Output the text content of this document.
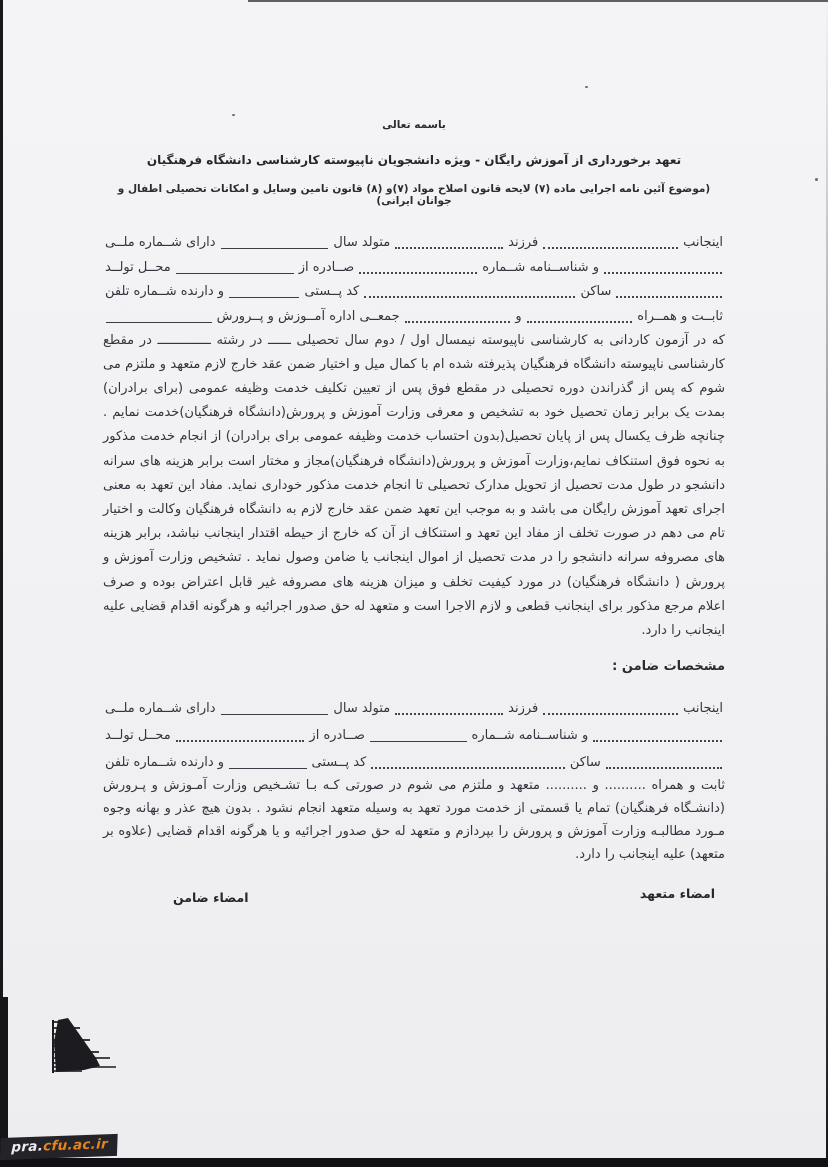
باسمه تعالی
تعهد برخورداری از آموزش رایگان - ویژه دانشجویان ناپیوسته کارشناسی دانشگاه فرهنگیان
(موضوع آئین نامه اجرایی ماده (۷) لایحه قانون اصلاح مواد (۷)و (۸) قانون تامین وسایل و امکانات تحصیلی اطفال و جوانان ایرانی)
اینجانب
فرزند
متولد سال
دارای شــماره ملــی
و شناســنامه شــماره
صــادره از
محــل تولــد
ساکن
کد پــستی
و دارنده شــماره تلفن
ثابــت و همــراه
و
جمعــی اداره آمــوزش و پــرورش

که در آزمون کاردانی به کارشناسی ناپیوسته نیمسال اول / دوم سال تحصیلی ــــــ در رشته ــــــــــــــ در مقطع کارشناسی ناپیوسته دانشگاه فرهنگیان پذیرفته شده ام با کمال میل و اختیار ضمن عقد خارج لازم متعهد و ملتزم می شوم که پس از گذراندن دوره تحصیلی در مقطع فوق پس از تعیین تکلیف خدمت وظیفه عمومی (برای برادران) بمدت یک برابر زمان تحصیل خود به تشخیص و معرفی وزارت آموزش و پرورش(دانشگاه فرهنگیان)خدمت نمایم . چنانچه ظرف یکسال پس از پایان تحصیل(بدون احتساب خدمت وظیفه عمومی برای برادران) از انجام خدمت مذکور به نحوه فوق استنکاف نمایم،وزارت آموزش و پرورش(دانشگاه فرهنگیان)مجاز و مختار است برابر هزینه های سرانه دانشجو در طول مدت تحصیل از تحویل مدارک تحصیلی تا انجام خدمت مذکور خوداری نماید. مفاد این تعهد به معنی اجرای تعهد آموزش رایگان می باشد و به موجب این تعهد ضمن عقد خارج لازم به دانشگاه فرهنگیان وکالت و اختیار تام می دهم در صورت تخلف از مفاد این تعهد و استنکاف از آن که خارج از حیطه اقتدار اینجانب نباشد، برابر هزینه های مصروفه سرانه دانشجو را در مدت تحصیل از اموال اینجانب یا ضامن وصول نماید . تشخیص وزارت آموزش و پرورش ( دانشگاه فرهنگیان) در مورد کیفیت تخلف و میزان هزینه های مصروفه غیر قابل اعتراض بوده و صرف اعلام مرجع مذکور برای اینجانب قطعی و لازم الاجرا است و متعهد له حق صدور اجرائیه و هرگونه اقدام قضایی علیه اینجانب را دارد.

مشخصات ضامن :
اینجانب
فرزند
متولد سال
دارای شــماره ملــی
و شناســنامه شــماره
صــادره از
محــل تولــد
ساکن
کد پــستی
و دارنده شــماره تلفن

ثابت و همراه .......... و .......... متعهد و ملتزم می شوم در صورتی کـه بـا تشـخیص وزارت آمـوزش و پـرورش (دانشـگاه فرهنگیان) تمام یا قسمتی از خدمت مورد تعهد به وسیله متعهد انجام نشود . بدون هیچ عذر و بهانه وجوه مـورد مطالبـه وزارت آموزش و پرورش را بپردازم و متعهد له حق صدور اجرائیه و یا هرگونه اقدام قضایی (علاوه بر متعهد) علیه اینجانب را دارد.

امضاء متعهد
امضاء ضامن
pra.cfu.ac.ir
